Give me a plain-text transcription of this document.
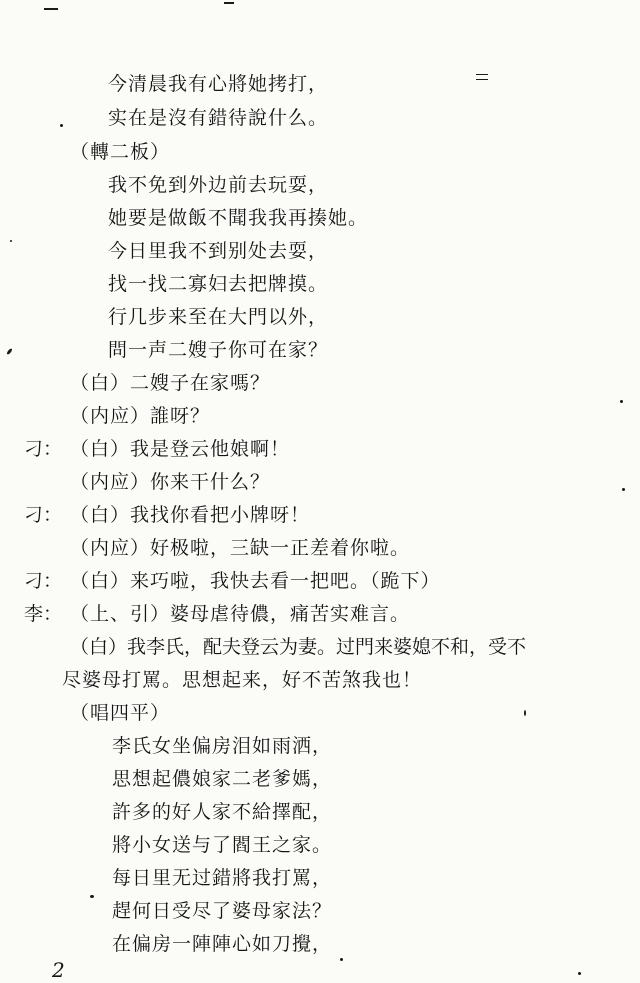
今清晨我有心將她拷打，
实在是沒有錯待說什么。
（轉二板）
我不免到外边前去玩耍，
她要是做飯不聞我我再揍她。
今日里我不到别处去耍，
找一找二寡妇去把牌摸。
行几步来至在大門以外，
問一声二嫂子你可在家？
（白）二嫂子在家嗎？
（内应）誰呀？
刁： （白）我是登云他娘啊！
（内应）你来干什么？
刁： （白）我找你看把小牌呀！
（内应）好极啦，三缺一正差着你啦。
刁： （白）来巧啦，我快去看一把吧。（跪下）
李： （上、引）婆母虐待儂，痛苦实难言。
（白）我李氏，配夫登云为妻。过門来婆媳不和，受不
尽婆母打罵。思想起来，好不苦煞我也！
（唱四平）
李氏女坐偏房泪如雨洒，
思想起儂娘家二老爹媽，
許多的好人家不給擇配，
將小女送与了閻王之家。
每日里无过錯將我打罵，
趕何日受尽了婆母家法？
在偏房一陣陣心如刀攪，
2
